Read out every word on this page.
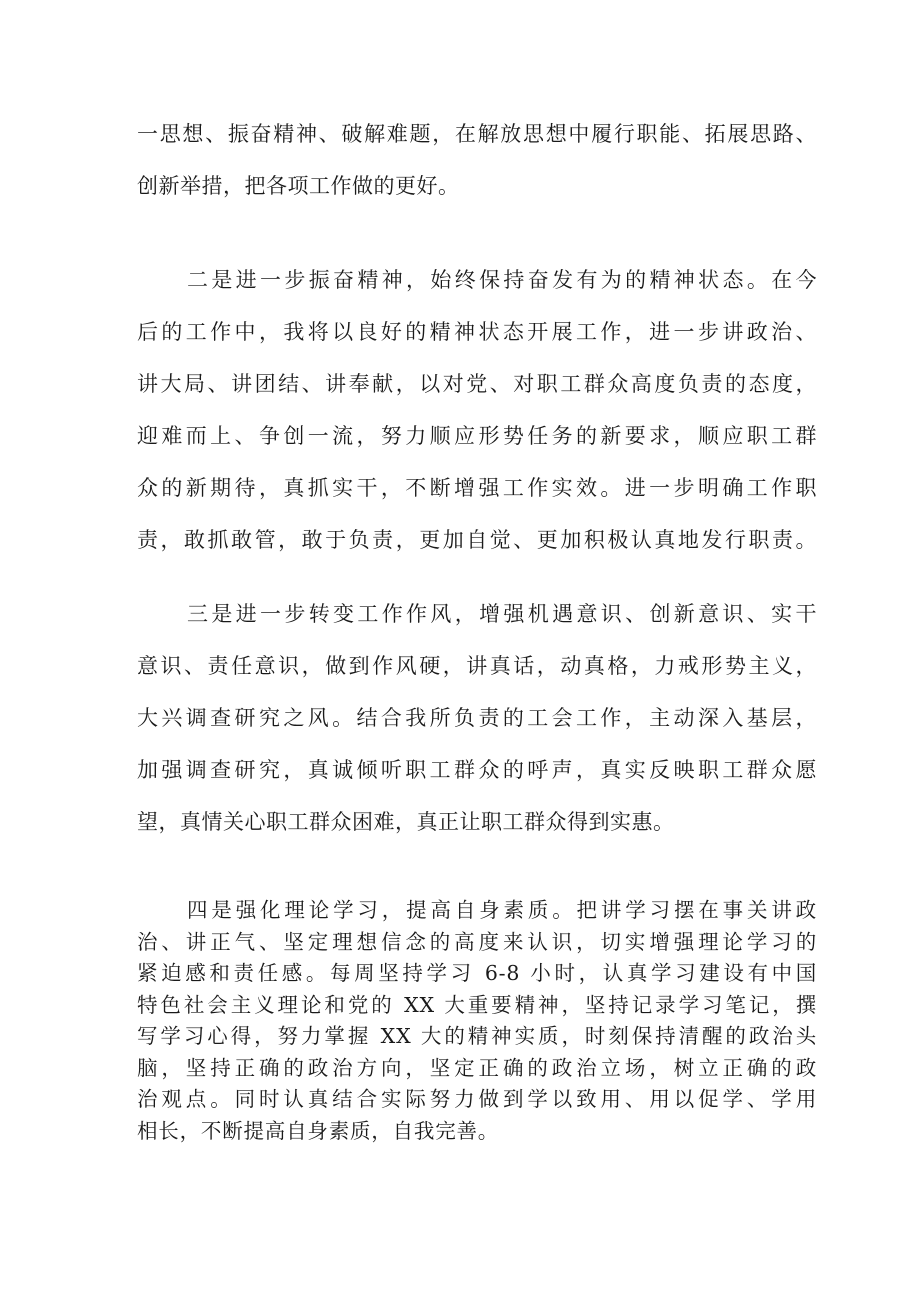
一思想、振奋精神、破解难题，在解放思想中履行职能、拓展思路、
创新举措，把各项工作做的更好。
二是进一步振奋精神，始终保持奋发有为的精神状态。在今
后的工作中，我将以良好的精神状态开展工作，进一步讲政治、
讲大局、讲团结、讲奉献，以对党、对职工群众高度负责的态度，
迎难而上、争创一流，努力顺应形势任务的新要求，顺应职工群
众的新期待，真抓实干，不断增强工作实效。进一步明确工作职
责，敢抓敢管，敢于负责，更加自觉、更加积极认真地发行职责。
三是进一步转变工作作风，增强机遇意识、创新意识、实干
意识、责任意识，做到作风硬，讲真话，动真格，力戒形势主义，
大兴调查研究之风。结合我所负责的工会工作，主动深入基层，
加强调查研究，真诚倾听职工群众的呼声，真实反映职工群众愿
望，真情关心职工群众困难，真正让职工群众得到实惠。
四是强化理论学习，提高自身素质。把讲学习摆在事关讲政
治、讲正气、坚定理想信念的高度来认识，切实增强理论学习的
紧迫感和责任感。每周坚持学习 6-8 小时，认真学习建设有中国
特色社会主义理论和党的 XX 大重要精神，坚持记录学习笔记，撰
写学习心得，努力掌握 XX 大的精神实质，时刻保持清醒的政治头
脑，坚持正确的政治方向，坚定正确的政治立场，树立正确的政
治观点。同时认真结合实际努力做到学以致用、用以促学、学用
相长，不断提高自身素质，自我完善。
